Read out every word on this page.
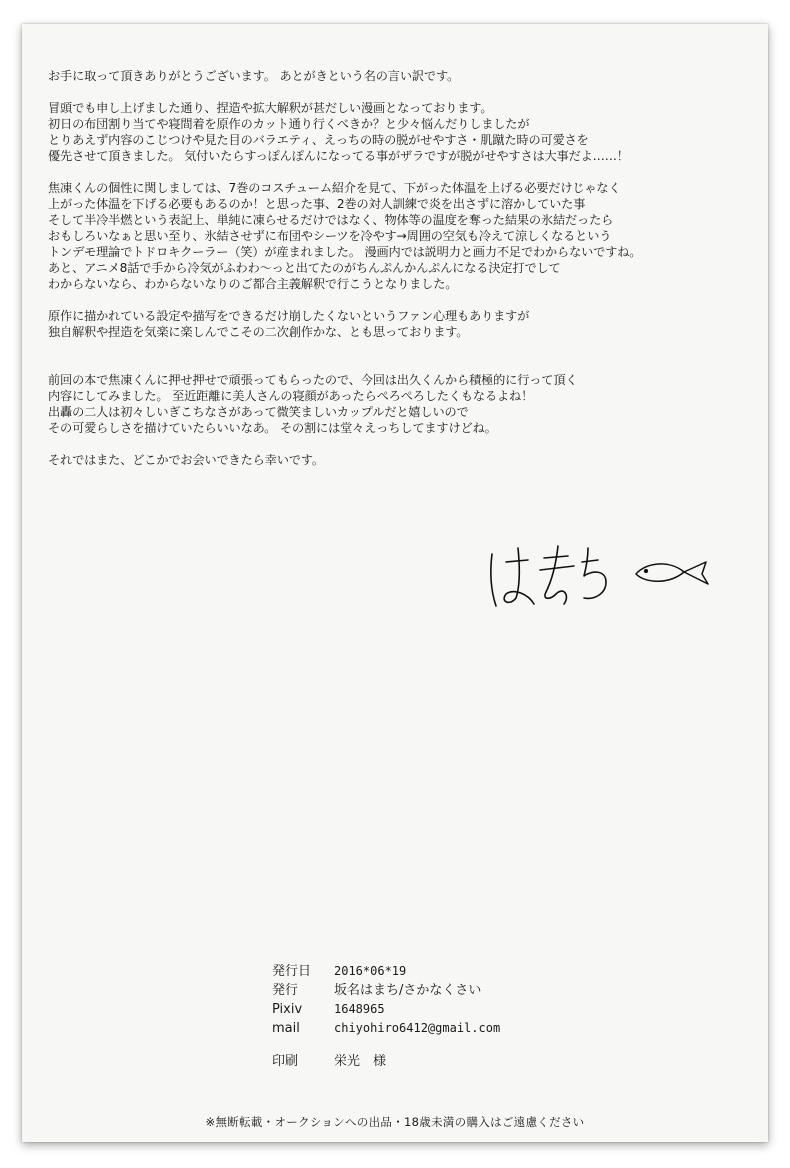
お手に取って頂きありがとうございます。 あとがきという名の言い訳です。

冒頭でも申し上げました通り、捏造や拡大解釈が甚だしい漫画となっております。
初日の布団割り当てや寝間着を原作のカット通り行くべきか？と少々悩んだりしましたが
とりあえず内容のこじつけや見た目のバラエティ、えっちの時の脱がせやすさ・肌蹴た時の可愛さを
優先させて頂きました。 気付いたらすっぽんぽんになってる事がザラですが脱がせやすさは大事だよ……！

焦凍くんの個性に関しましては、7巻のコスチューム紹介を見て、下がった体温を上げる必要だけじゃなく
上がった体温を下げる必要もあるのか！と思った事、2巻の対人訓練で炎を出さずに溶かしていた事
そして半冷半燃という表記上、単純に凍らせるだけではなく、物体等の温度を奪った結果の氷結だったら
おもしろいなぁと思い至り、氷結させずに布団やシーツを冷やす→周囲の空気も冷えて涼しくなるという
トンデモ理論でトドロキクーラー（笑）が産まれました。 漫画内では説明力と画力不足でわからないですね。
あと、アニメ8話で手から冷気がふわわ～っと出てたのがちんぷんかんぷんになる決定打でして
わからないなら、わからないなりのご都合主義解釈で行こうとなりました。

原作に描かれている設定や描写をできるだけ崩したくないというファン心理もありますが
独自解釈や捏造を気楽に楽しんでこその二次創作かな、とも思っております。

前回の本で焦凍くんに押せ押せで頑張ってもらったので、今回は出久くんから積極的に行って頂く
内容にしてみました。 至近距離に美人さんの寝顔があったらぺろぺろしたくもなるよね！
出轟の二人は初々しいぎこちなさがあって微笑ましいカップルだと嬉しいので
その可愛らしさを描けていたらいいなあ。 その割には堂々えっちしてますけどね。

それではまた、どこかでお会いできたら幸いです。

発行日	2016*06*19
発行	坂名はまち/さかなくさい
Pixiv	1648965
mail	chiyohiro6412@gmail.com
印刷	栄光　様
※無断転載・オークションへの出品・18歳未満の購入はご遠慮ください
